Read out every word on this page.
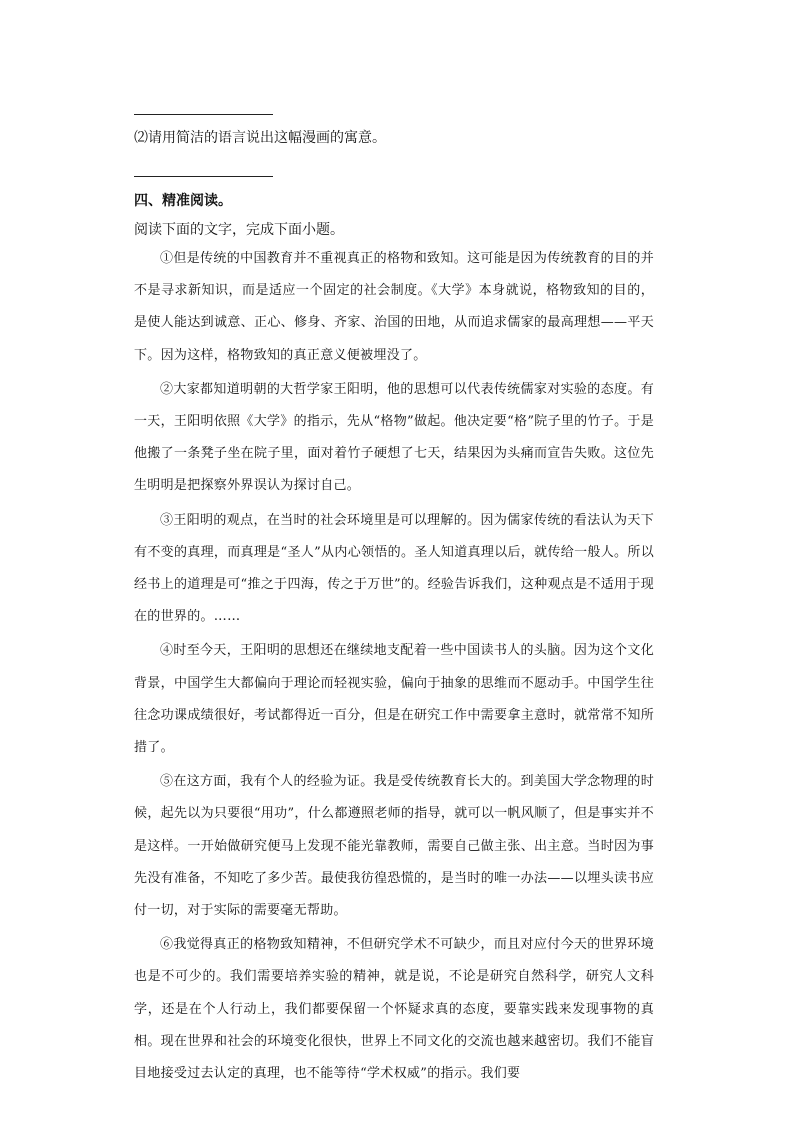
⑵请用简洁的语言说出这幅漫画的寓意。
四、精准阅读。
阅读下面的文字，完成下面小题。

①但是传统的中国教育并不重视真正的格物和致知。这可能是因为传统教育的目的并不是寻求新知识，而是适应一个固定的社会制度。《大学》本身就说，格物致知的目的，是使人能达到诚意、正心、修身、齐家、治国的田地，从而追求儒家的最高理想——平天下。因为这样，格物致知的真正意义便被埋没了。

②大家都知道明朝的大哲学家王阳明，他的思想可以代表传统儒家对实验的态度。有一天，王阳明依照《大学》的指示，先从“格物”做起。他决定要“格”院子里的竹子。于是他搬了一条凳子坐在院子里，面对着竹子硬想了七天，结果因为头痛而宣告失败。这位先生明明是把探察外界误认为探讨自己。

③王阳明的观点，在当时的社会环境里是可以理解的。因为儒家传统的看法认为天下有不变的真理，而真理是“圣人”从内心领悟的。圣人知道真理以后，就传给一般人。所以经书上的道理是可“推之于四海，传之于万世”的。经验告诉我们，这种观点是不适用于现在的世界的。……

④时至今天，王阳明的思想还在继续地支配着一些中国读书人的头脑。因为这个文化背景，中国学生大都偏向于理论而轻视实验，偏向于抽象的思维而不愿动手。中国学生往往念功课成绩很好，考试都得近一百分，但是在研究工作中需要拿主意时，就常常不知所措了。

⑤在这方面，我有个人的经验为证。我是受传统教育长大的。到美国大学念物理的时候，起先以为只要很“用功”，什么都遵照老师的指导，就可以一帆风顺了，但是事实并不是这样。一开始做研究便马上发现不能光靠教师，需要自己做主张、出主意。当时因为事先没有准备，不知吃了多少苦。最使我彷徨恐慌的，是当时的唯一办法——以埋头读书应付一切，对于实际的需要毫无帮助。

⑥我觉得真正的格物致知精神，不但研究学术不可缺少，而且对应付今天的世界环境也是不可少的。我们需要培养实验的精神，就是说，不论是研究自然科学，研究人文科学，还是在个人行动上，我们都要保留一个怀疑求真的态度，要靠实践来发现事物的真相。现在世界和社会的环境变化很快，世界上不同文化的交流也越来越密切。我们不能盲目地接受过去认定的真理，也不能等待“学术权威”的指示。我们要
